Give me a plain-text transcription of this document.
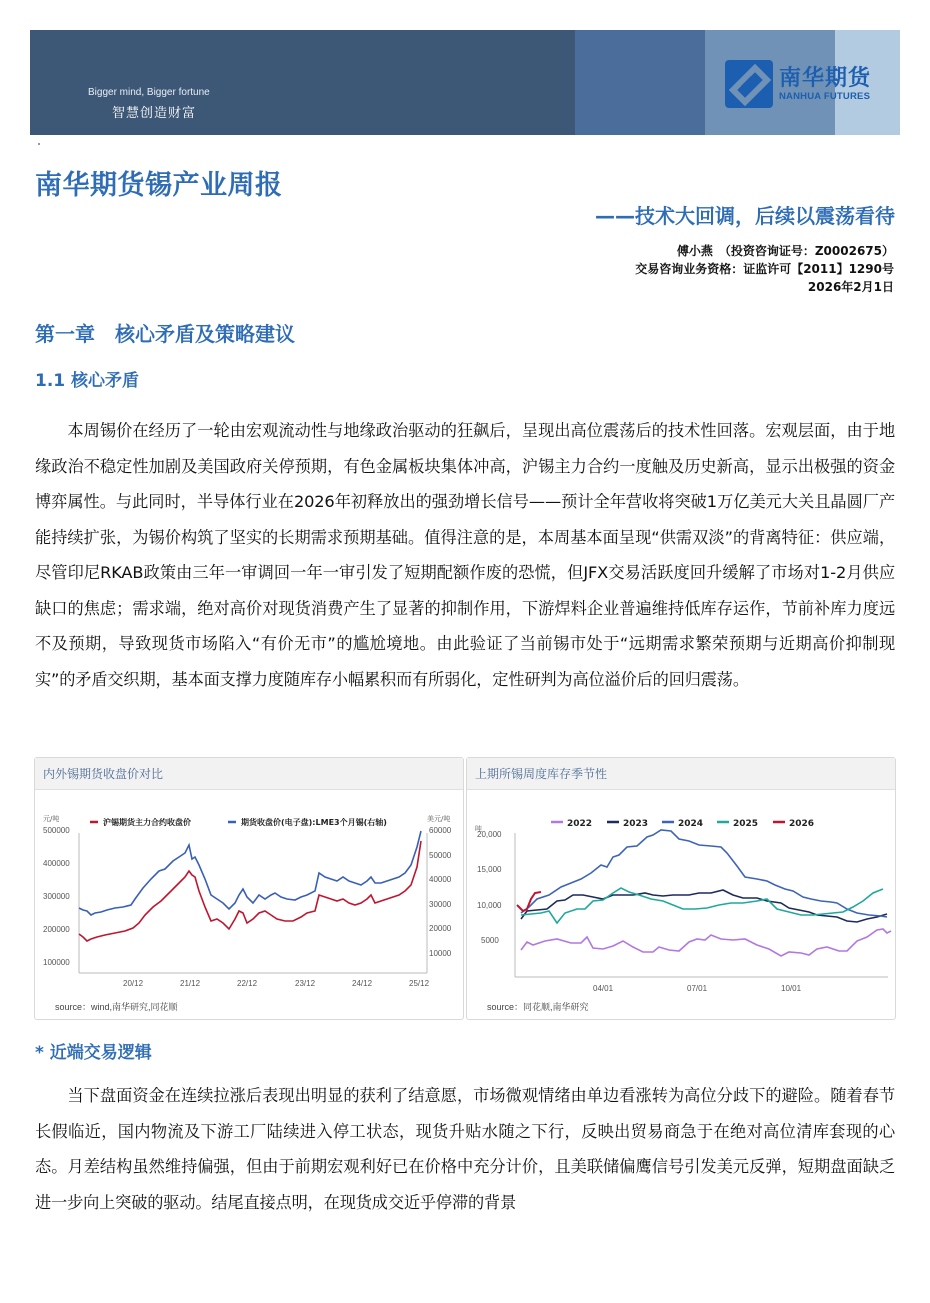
Bigger mind, Bigger fortune
智慧创造财富
南华期货
NANHUA FUTURES
南华期货锡产业周报
——技术大回调，后续以震荡看待
傅小燕　（投资咨询证号：Z0002675）
交易咨询业务资格：证监许可【2011】1290号
2026年2月1日
第一章　核心矛盾及策略建议
1.1 核心矛盾

本周锡价在经历了一轮由宏观流动性与地缘政治驱动的狂飙后，呈现出高位震荡后的技术性回落。宏观层面，由于地缘政治不稳定性加剧及美国政府关停预期，有色金属板块集体冲高，沪锡主力合约一度触及历史新高，显示出极强的资金博弈属性。与此同时，半导体行业在2026年初释放出的强劲增长信号——预计全年营收将突破1万亿美元大关且晶圆厂产能持续扩张，为锡价构筑了坚实的长期需求预期基础。值得注意的是，本周基本面呈现“供需双淡”的背离特征：供应端，尽管印尼RKAB政策由三年一审调回一年一审引发了短期配额作废的恐慌，但JFX交易活跃度回升缓解了市场对1-2月供应缺口的焦虑；需求端，绝对高价对现货消费产生了显著的抑制作用，下游焊料企业普遍维持低库存运作，节前补库力度远不及预期，导致现货市场陷入“有价无市”的尴尬境地。由此验证了当前锡市处于“远期需求繁荣预期与近期高价抑制现实”的矛盾交织期，基本面支撑力度随库存小幅累积而有所弱化，定性研判为高位溢价后的回归震荡。

内外锡期货收盘价对比
元/吨	美元/吨
沪锡期货主力合约收盘价	期货收盘价(电子盘):LME3个月锡(右轴)
500000
400000
300000
200000
100000
60000
50000
40000
30000
20000
10000
20/12	21/12	22/12	23/12	24/12	25/12
source：wind,南华研究,同花顺
上期所锡周度库存季节性
吨	2022	2023	2024	2025	2026
20,000
15,000
10,000
5000
04/01	07/01	10/01
source：同花顺,南华研究
* 近端交易逻辑

当下盘面资金在连续拉涨后表现出明显的获利了结意愿，市场微观情绪由单边看涨转为高位分歧下的避险。随着春节长假临近，国内物流及下游工厂陆续进入停工状态，现货升贴水随之下行，反映出贸易商急于在绝对高位清库套现的心态。月差结构虽然维持偏强，但由于前期宏观利好已在价格中充分计价，且美联储偏鹰信号引发美元反弹，短期盘面缺乏进一步向上突破的驱动。结尾直接点明，在现货成交近乎停滞的背景
